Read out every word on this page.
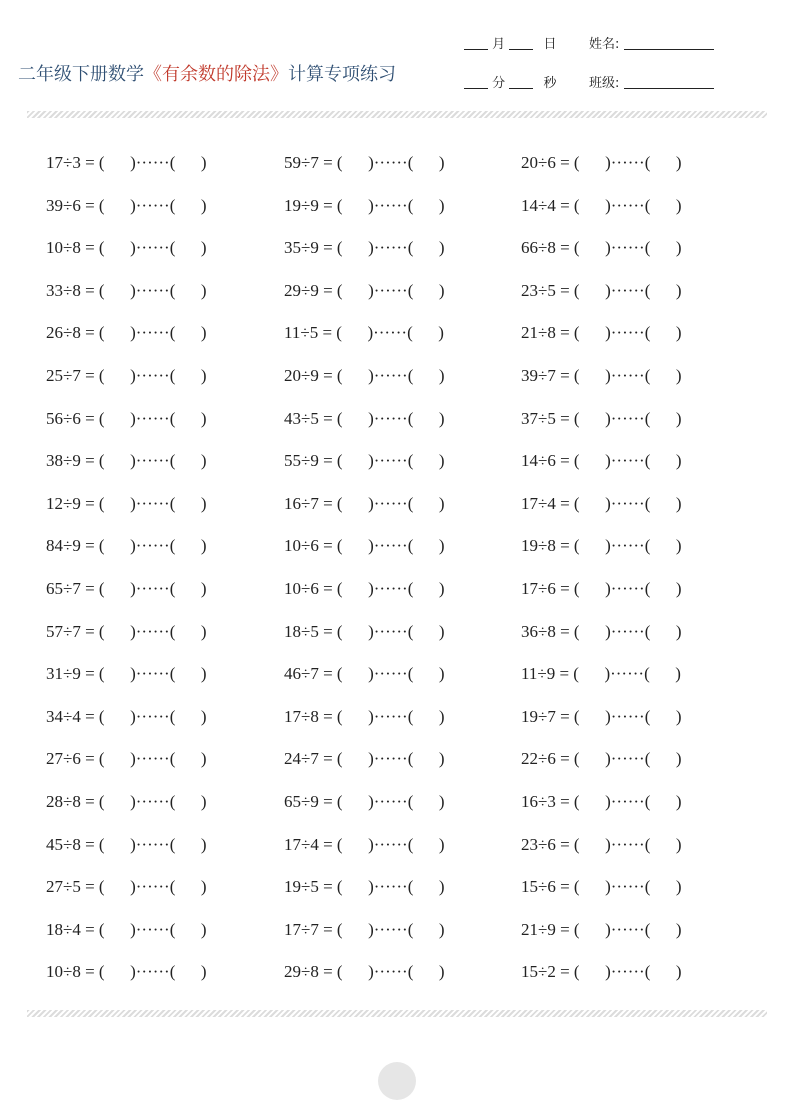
二年级下册数学《有余数的除法》计算专项练习
月	日
分	秒
姓名:
班级:
17÷3 = (      )······(      )
39÷6 = (      )······(      )
10÷8 = (      )······(      )
33÷8 = (      )······(      )
26÷8 = (      )······(      )
25÷7 = (      )······(      )
56÷6 = (      )······(      )
38÷9 = (      )······(      )
12÷9 = (      )······(      )
84÷9 = (      )······(      )
65÷7 = (      )······(      )
57÷7 = (      )······(      )
31÷9 = (      )······(      )
34÷4 = (      )······(      )
27÷6 = (      )······(      )
28÷8 = (      )······(      )
45÷8 = (      )······(      )
27÷5 = (      )······(      )
18÷4 = (      )······(      )
10÷8 = (      )······(      )
59÷7 = (      )······(      )
19÷9 = (      )······(      )
35÷9 = (      )······(      )
29÷9 = (      )······(      )
11÷5 = (      )······(      )
20÷9 = (      )······(      )
43÷5 = (      )······(      )
55÷9 = (      )······(      )
16÷7 = (      )······(      )
10÷6 = (      )······(      )
10÷6 = (      )······(      )
18÷5 = (      )······(      )
46÷7 = (      )······(      )
17÷8 = (      )······(      )
24÷7 = (      )······(      )
65÷9 = (      )······(      )
17÷4 = (      )······(      )
19÷5 = (      )······(      )
17÷7 = (      )······(      )
29÷8 = (      )······(      )
20÷6 = (      )······(      )
14÷4 = (      )······(      )
66÷8 = (      )······(      )
23÷5 = (      )······(      )
21÷8 = (      )······(      )
39÷7 = (      )······(      )
37÷5 = (      )······(      )
14÷6 = (      )······(      )
17÷4 = (      )······(      )
19÷8 = (      )······(      )
17÷6 = (      )······(      )
36÷8 = (      )······(      )
11÷9 = (      )······(      )
19÷7 = (      )······(      )
22÷6 = (      )······(      )
16÷3 = (      )······(      )
23÷6 = (      )······(      )
15÷6 = (      )······(      )
21÷9 = (      )······(      )
15÷2 = (      )······(      )
